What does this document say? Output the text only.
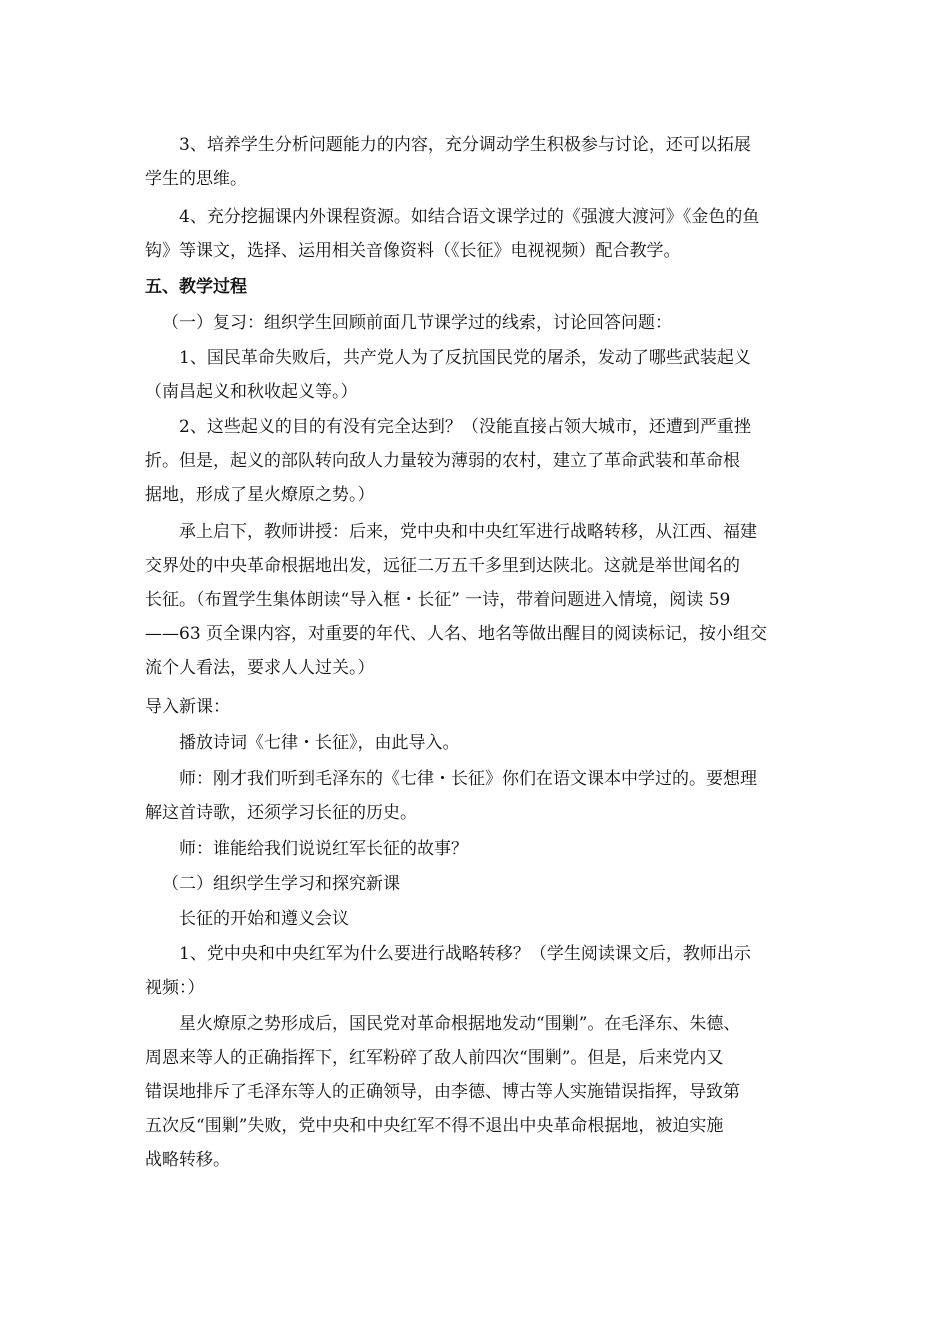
3、培养学生分析问题能力的内容，充分调动学生积极参与讨论，还可以拓展
学生的思维。
4、充分挖掘课内外课程资源。如结合语文课学过的《强渡大渡河》《金色的鱼
钩》等课文，选择、运用相关音像资料（《长征》电视视频）配合教学。
五、教学过程
（一）复习：组织学生回顾前面几节课学过的线索，讨论回答问题：
1、国民革命失败后，共产党人为了反抗国民党的屠杀，发动了哪些武装起义
（南昌起义和秋收起义等。）
2、这些起义的目的有没有完全达到？（没能直接占领大城市，还遭到严重挫
折。但是，起义的部队转向敌人力量较为薄弱的农村，建立了革命武装和革命根
据地，形成了星火燎原之势。）
承上启下，教师讲授：后来，党中央和中央红军进行战略转移，从江西、福建
交界处的中央革命根据地出发，远征二万五千多里到达陕北。这就是举世闻名的
长征。（布置学生集体朗读“导入框・长征” 一诗，带着问题进入情境，阅读 59
——63 页全课内容，对重要的年代、人名、地名等做出醒目的阅读标记，按小组交
流个人看法，要求人人过关。）
导入新课：
播放诗词《七律・长征》，由此导入。
师：刚才我们听到毛泽东的《七律・长征》你们在语文课本中学过的。要想理
解这首诗歌，还须学习长征的历史。
师：谁能给我们说说红军长征的故事？
（二）组织学生学习和探究新课
长征的开始和遵义会议
1、党中央和中央红军为什么要进行战略转移？（学生阅读课文后，教师出示
视频：）
星火燎原之势形成后，国民党对革命根据地发动“围剿”。在毛泽东、朱德、
周恩来等人的正确指挥下，红军粉碎了敌人前四次“围剿”。但是，后来党内又
错误地排斥了毛泽东等人的正确领导，由李德、博古等人实施错误指挥，导致第
五次反“围剿”失败，党中央和中央红军不得不退出中央革命根据地，被迫实施
战略转移。
